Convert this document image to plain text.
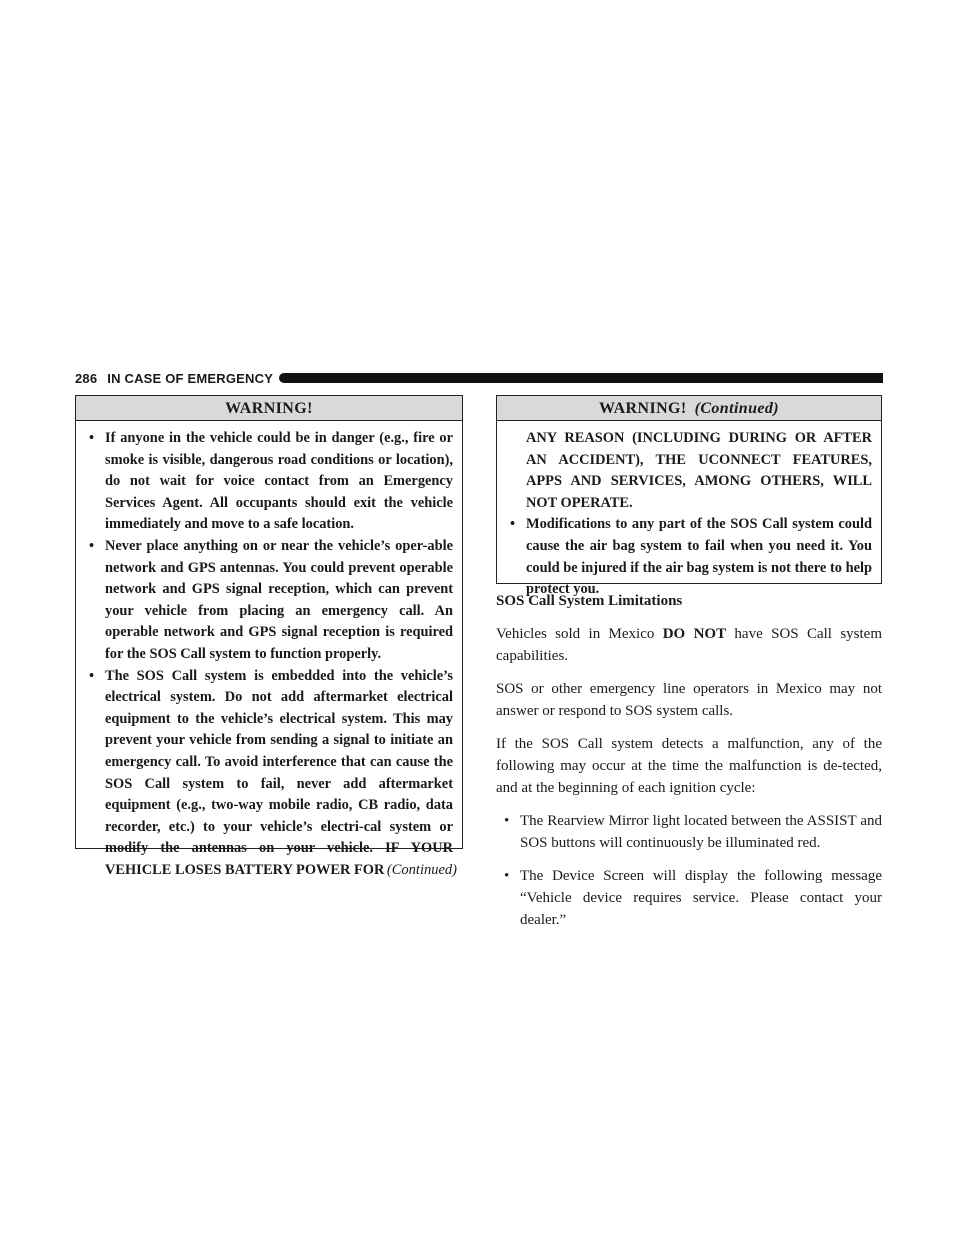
286 IN CASE OF EMERGENCY
WARNING!

• If anyone in the vehicle could be in danger (e.g., fire or smoke is visible, dangerous road conditions or location), do not wait for voice contact from an Emergency Services Agent. All occupants should exit the vehicle immediately and move to a safe location.

• Never place anything on or near the vehicle’s oper-able network and GPS antennas. You could prevent operable network and GPS signal reception, which can prevent your vehicle from placing an emergency call. An operable network and GPS signal reception is required for the SOS Call system to function properly.

• The SOS Call system is embedded into the vehicle’s electrical system. Do not add aftermarket electrical equipment to the vehicle’s electrical system. This may prevent your vehicle from sending a signal to initiate an emergency call. To avoid interference that can cause the SOS Call system to fail, never add aftermarket equipment (e.g., two-way mobile radio, CB radio, data recorder, etc.) to your vehicle’s electri-cal system or modify the antennas on your vehicle. IF YOUR VEHICLE LOSES BATTERY POWER FOR (Continued)
WARNING! (Continued)

ANY REASON (INCLUDING DURING OR AFTER AN ACCIDENT), THE UCONNECT FEATURES, APPS AND SERVICES, AMONG OTHERS, WILL NOT OPERATE.

• Modifications to any part of the SOS Call system could cause the air bag system to fail when you need it. You could be injured if the air bag system is not there to help protect you.

SOS Call System Limitations

Vehicles sold in Mexico DO NOT have SOS Call system capabilities.

SOS or other emergency line operators in Mexico may not answer or respond to SOS system calls.

If the SOS Call system detects a malfunction, any of the following may occur at the time the malfunction is de-tected, and at the beginning of each ignition cycle:

• The Rearview Mirror light located between the ASSIST and SOS buttons will continuously be illuminated red.

• The Device Screen will display the following message “Vehicle device requires service. Please contact your dealer.”
